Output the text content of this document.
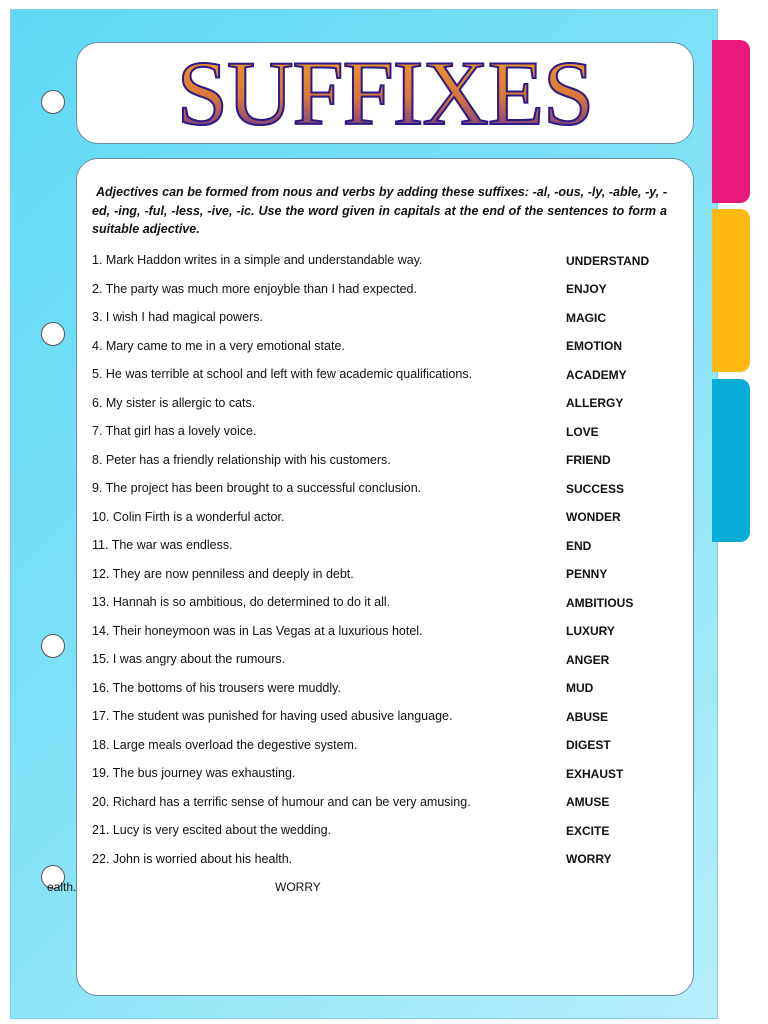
SUFFIXES
Adjectives can be formed from nous and verbs by adding these suffixes: -al, -ous, -ly, -able, -y, -ed, -ing, -ful, -less, -ive, -ic. Use the word given in capitals at the end of the sentences to form a suitable adjective.
1. Mark Haddon writes in a simple and understandable way.	UNDERSTAND
2. The party was much more enjoyble than I had expected.	ENJOY
3. I wish I had magical powers.	MAGIC
4. Mary came to me in a very emotional state.	EMOTION
5. He was terrible at school and left with few academic qualifications.	ACADEMY
6. My sister is allergic to cats.	ALLERGY
7. That girl has a lovely voice.	LOVE
8. Peter has a friendly relationship with his customers.	FRIEND
9. The project has been brought to a successful conclusion.	SUCCESS
10. Colin Firth is a wonderful actor.	WONDER
11. The war was endless.	END
12. They are now penniless and deeply in debt.	PENNY
13. Hannah is so ambitious, do determined to do it all.	AMBITIOUS
14. Their honeymoon was in Las Vegas at a luxurious hotel.	LUXURY
15. I was angry about the rumours.	ANGER
16. The bottoms of his trousers were muddly.	MUD
17. The student was punished for having used abusive language.	ABUSE
18. Large meals overload the degestive system.	DIGEST
19. The bus journey was exhausting.	EXHAUST
20. Richard has a terrific sense of humour and can be very amusing.	AMUSE
21. Lucy is very escited about the wedding.	EXCITE
22. John is worried about his health.	WORRY
ealth.	WORRY
